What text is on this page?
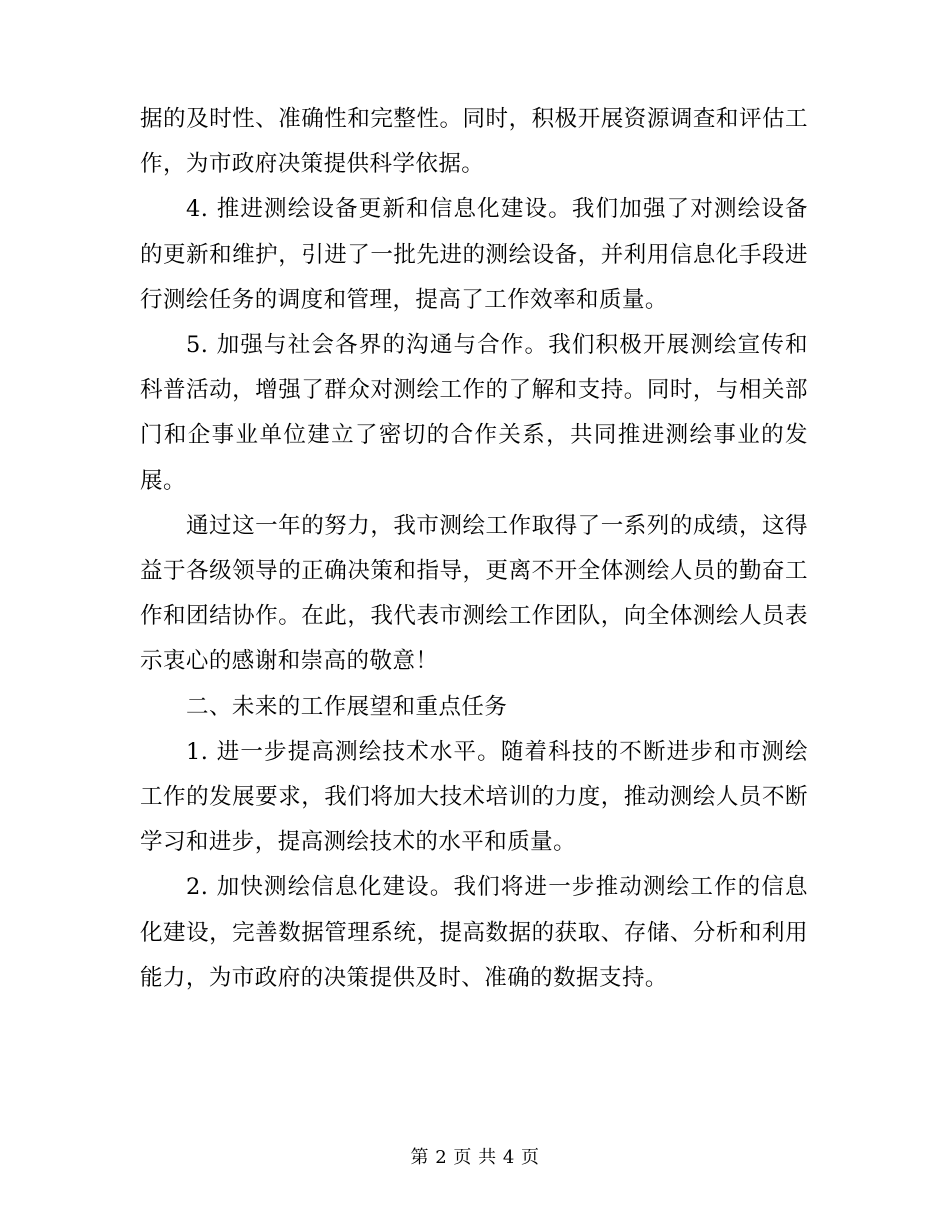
据的及时性、准确性和完整性。同时，积极开展资源调查和评估工作，为市政府决策提供科学依据。

4. 推进测绘设备更新和信息化建设。我们加强了对测绘设备的更新和维护，引进了一批先进的测绘设备，并利用信息化手段进行测绘任务的调度和管理，提高了工作效率和质量。

5. 加强与社会各界的沟通与合作。我们积极开展测绘宣传和科普活动，增强了群众对测绘工作的了解和支持。同时，与相关部门和企事业单位建立了密切的合作关系，共同推进测绘事业的发展。

通过这一年的努力，我市测绘工作取得了一系列的成绩，这得益于各级领导的正确决策和指导，更离不开全体测绘人员的勤奋工作和团结协作。在此，我代表市测绘工作团队，向全体测绘人员表示衷心的感谢和崇高的敬意！

二、未来的工作展望和重点任务

1. 进一步提高测绘技术水平。随着科技的不断进步和市测绘工作的发展要求，我们将加大技术培训的力度，推动测绘人员不断学习和进步，提高测绘技术的水平和质量。

2. 加快测绘信息化建设。我们将进一步推动测绘工作的信息化建设，完善数据管理系统，提高数据的获取、存储、分析和利用能力，为市政府的决策提供及时、准确的数据支持。

第 2 页 共 4 页
